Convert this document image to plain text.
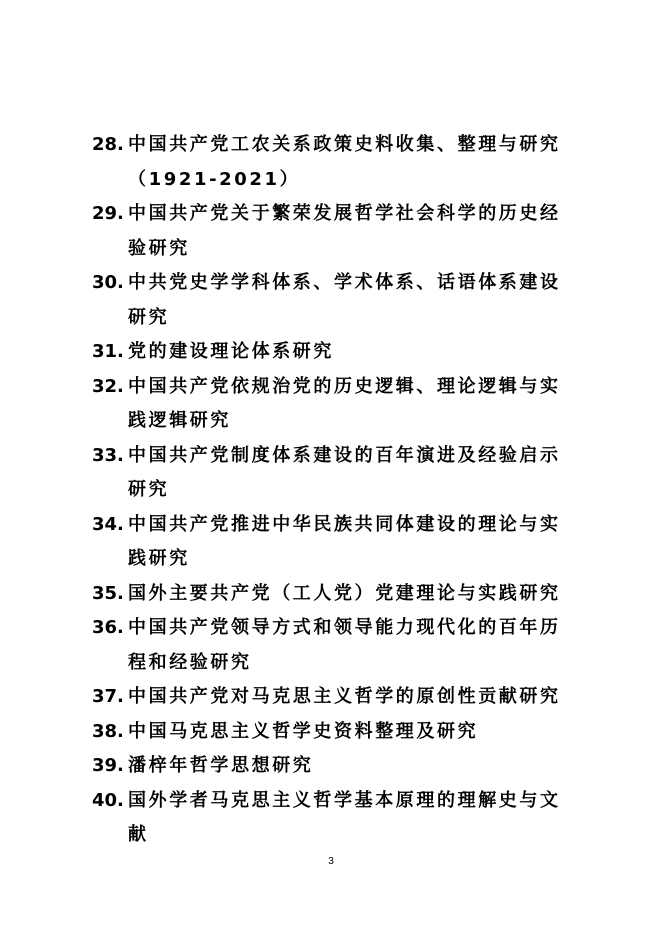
28. 中国共产党工农关系政策史料收集、整理与研究（1921-2021）
29. 中国共产党关于繁荣发展哲学社会科学的历史经验研究
30. 中共党史学学科体系、学术体系、话语体系建设研究
31. 党的建设理论体系研究
32. 中国共产党依规治党的历史逻辑、理论逻辑与实践逻辑研究
33. 中国共产党制度体系建设的百年演进及经验启示研究
34. 中国共产党推进中华民族共同体建设的理论与实践研究
35. 国外主要共产党（工人党）党建理论与实践研究
36. 中国共产党领导方式和领导能力现代化的百年历程和经验研究
37. 中国共产党对马克思主义哲学的原创性贡献研究
38. 中国马克思主义哲学史资料整理及研究
39. 潘梓年哲学思想研究
40. 国外学者马克思主义哲学基本原理的理解史与文献
3
